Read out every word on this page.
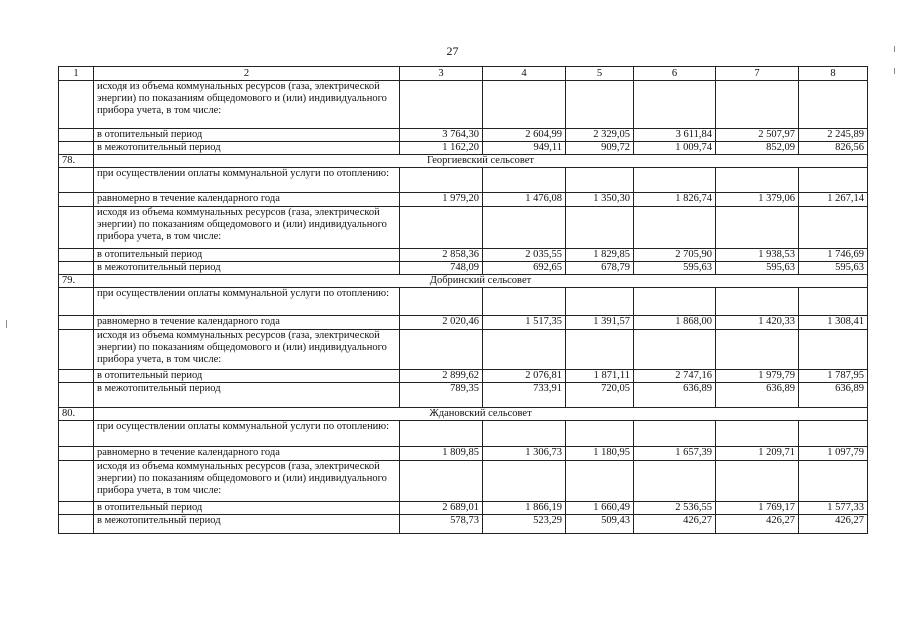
27
1	2	3	4	5	6	7	8
	исходя из объема коммунальных ресурсов (газа, электрической энергии) по показаниям общедомового и (или) индивидуального прибора учета, в том числе:						
	в отопительный период	3 764,30	2 604,99	2 329,05	3 611,84	2 507,97	2 245,89
	в межотопительный период	1 162,20	949,11	909,72	1 009,74	852,09	826,56
78.	Георгиевский сельсовет						
	при осуществлении оплаты коммунальной услуги по отоплению:						
	равномерно в течение календарного года	1 979,20	1 476,08	1 350,30	1 826,74	1 379,06	1 267,14
	исходя из объема коммунальных ресурсов (газа, электрической энергии) по показаниям общедомового и (или) индивидуального прибора учета, в том числе:						
	в отопительный период	2 858,36	2 035,55	1 829,85	2 705,90	1 938,53	1 746,69
	в межотопительный период	748,09	692,65	678,79	595,63	595,63	595,63
79.	Добринский сельсовет						
	при осуществлении оплаты коммунальной услуги по отоплению:						
	равномерно в течение календарного года	2 020,46	1 517,35	1 391,57	1 868,00	1 420,33	1 308,41
	исходя из объема коммунальных ресурсов (газа, электрической энергии) по показаниям общедомового и (или) индивидуального прибора учета, в том числе:						
	в отопительный период	2 899,62	2 076,81	1 871,11	2 747,16	1 979,79	1 787,95
	в межотопительный период	789,35	733,91	720,05	636,89	636,89	636,89
80.	Ждановский сельсовет						
	при осуществлении оплаты коммунальной услуги по отоплению:						
	равномерно в течение календарного года	1 809,85	1 306,73	1 180,95	1 657,39	1 209,71	1 097,79
	исходя из объема коммунальных ресурсов (газа, электрической энергии) по показаниям общедомового и (или) индивидуального прибора учета, в том числе:						
	в отопительный период	2 689,01	1 866,19	1 660,49	2 536,55	1 769,17	1 577,33
	в межотопительный период	578,73	523,29	509,43	426,27	426,27	426,27
